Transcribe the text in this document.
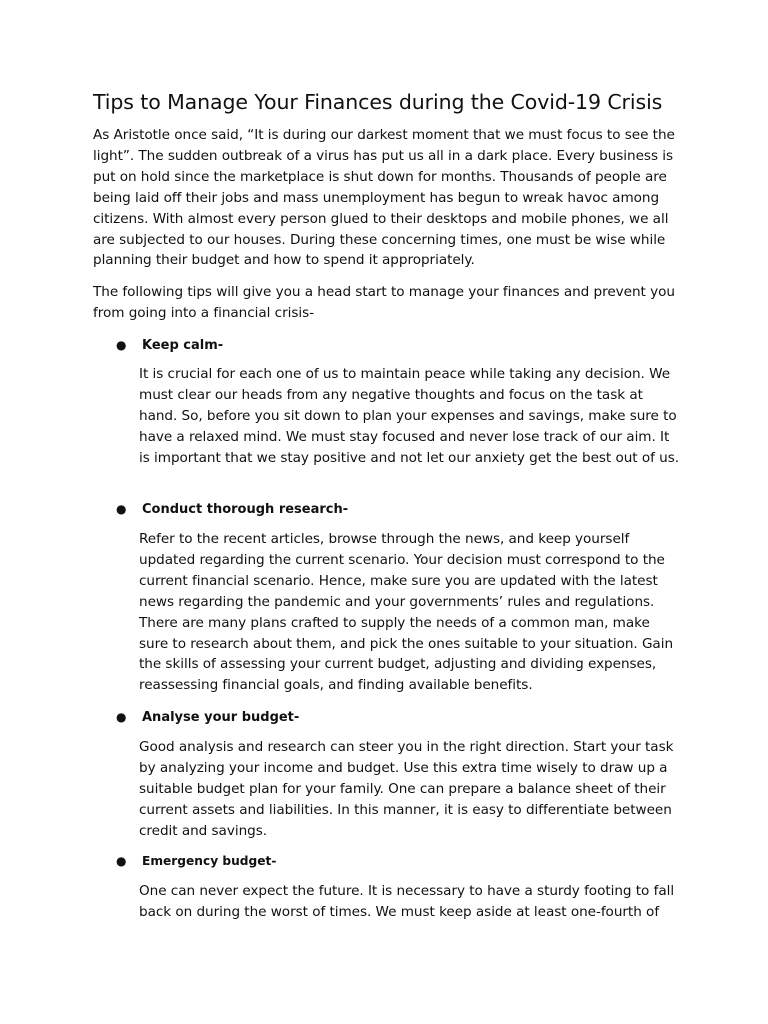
Tips to Manage Your Finances during the Covid-19 Crisis

As Aristotle once said, “It is during our darkest moment that we must focus to see the light”. The sudden outbreak of a virus has put us all in a dark place. Every business is put on hold since the marketplace is shut down for months. Thousands of people are being laid off their jobs and mass unemployment has begun to wreak havoc among citizens. With almost every person glued to their desktops and mobile phones, we all are subjected to our houses. During these concerning times, one must be wise while planning their budget and how to spend it appropriately.

The following tips will give you a head start to manage your finances and prevent you from going into a financial crisis-

● Keep calm-

It is crucial for each one of us to maintain peace while taking any decision. We must clear our heads from any negative thoughts and focus on the task at hand. So, before you sit down to plan your expenses and savings, make sure to have a relaxed mind. We must stay focused and never lose track of our aim. It is important that we stay positive and not let our anxiety get the best out of us.

● Conduct thorough research-

Refer to the recent articles, browse through the news, and keep yourself updated regarding the current scenario. Your decision must correspond to the current financial scenario. Hence, make sure you are updated with the latest news regarding the pandemic and your governments’ rules and regulations. There are many plans crafted to supply the needs of a common man, make sure to research about them, and pick the ones suitable to your situation. Gain the skills of assessing your current budget, adjusting and dividing expenses, reassessing financial goals, and finding available benefits.

● Analyse your budget-

Good analysis and research can steer you in the right direction. Start your task by analyzing your income and budget. Use this extra time wisely to draw up a suitable budget plan for your family. One can prepare a balance sheet of their current assets and liabilities. In this manner, it is easy to differentiate between credit and savings.

● Emergency budget-

One can never expect the future. It is necessary to have a sturdy footing to fall back on during the worst of times. We must keep aside at least one-fourth of
